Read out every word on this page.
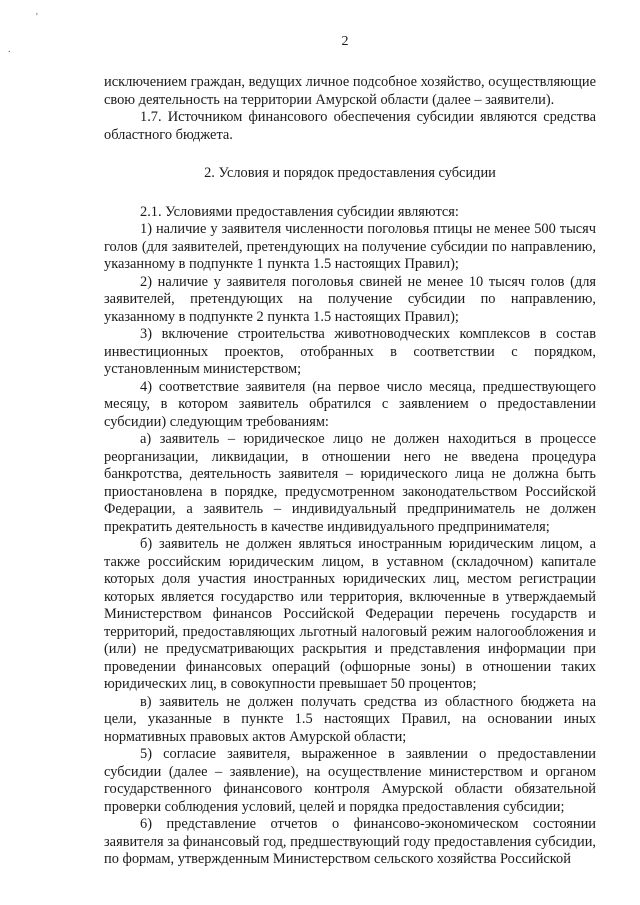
'
.
2

исключением граждан, ведущих личное подсобное хозяйство, осуществляющие свою деятельность на территории Амурской области (далее – заявители).

1.7. Источником финансового обеспечения субсидии являются средства областного бюджета.

2. Условия и порядок предоставления субсидии

2.1. Условиями предоставления субсидии являются:

1) наличие у заявителя численности поголовья птицы не менее 500 тысяч голов (для заявителей, претендующих на получение субсидии по направлению, указанному в подпункте 1 пункта 1.5 настоящих Правил);

2) наличие у заявителя поголовья свиней не менее 10 тысяч голов (для заявителей, претендующих на получение субсидии по направлению, указанному в подпункте 2 пункта 1.5 настоящих Правил);

3) включение строительства животноводческих комплексов в состав инвестиционных проектов, отобранных в соответствии с порядком, установленным министерством;

4) соответствие заявителя (на первое число месяца, предшествующего месяцу, в котором заявитель обратился с заявлением о предоставлении субсидии) следующим требованиям:

а) заявитель – юридическое лицо не должен находиться в процессе реорганизации, ликвидации, в отношении него не введена процедура банкротства, деятельность заявителя – юридического лица не должна быть приостановлена в порядке, предусмотренном законодательством Российской Федерации, а заявитель – индивидуальный предприниматель не должен прекратить деятельность в качестве индивидуального предпринимателя;

б) заявитель не должен являться иностранным юридическим лицом, а также российским юридическим лицом, в уставном (складочном) капитале которых доля участия иностранных юридических лиц, местом регистрации которых является государство или территория, включенные в утверждаемый Министерством финансов Российской Федерации перечень государств и территорий, предоставляющих льготный налоговый режим налогообложения и (или) не предусматривающих раскрытия и представления информации при проведении финансовых операций (офшорные зоны) в отношении таких юридических лиц, в совокупности превышает 50 процентов;

в) заявитель не должен получать средства из областного бюджета на цели, указанные в пункте 1.5 настоящих Правил, на основании иных нормативных правовых актов Амурской области;

5) согласие заявителя, выраженное в заявлении о предоставлении субсидии (далее – заявление), на осуществление министерством и органом государственного финансового контроля Амурской области обязательной проверки соблюдения условий, целей и порядка предоставления субсидии;

6) представление отчетов о финансово-экономическом состоянии заявителя за финансовый год, предшествующий году предоставления субсидии, по формам, утвержденным Министерством сельского хозяйства Российской
